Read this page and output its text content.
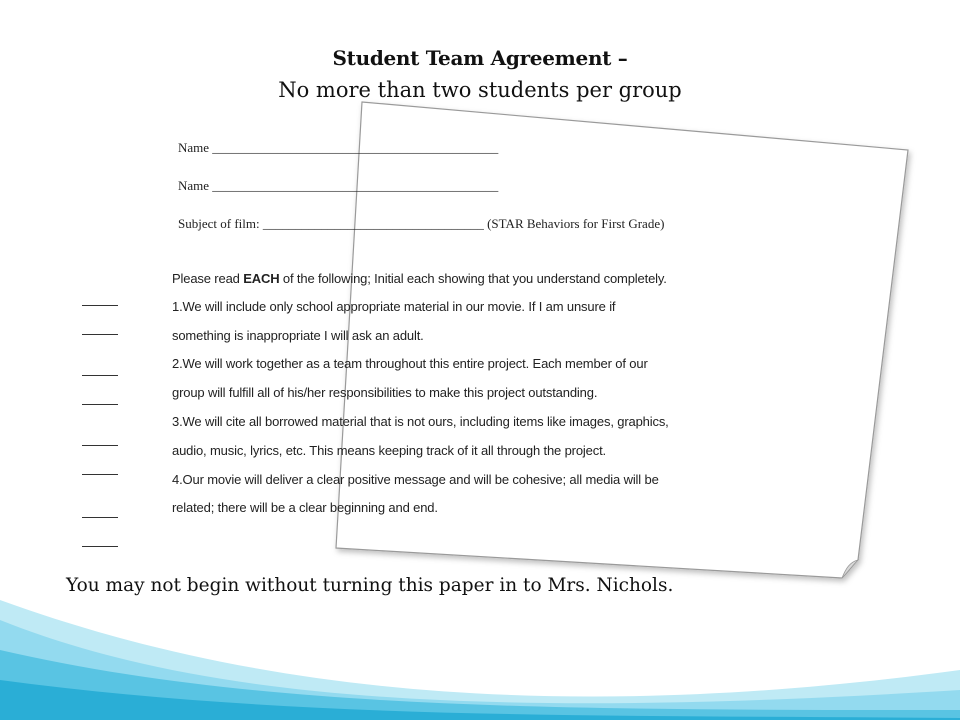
Student Team Agreement –
No more than two students per group
Name ____________________________________________
Name ____________________________________________
Subject of film: __________________________________ (STAR Behaviors for First Grade)
Please read EACH of the following; Initial each showing that you understand completely.
1.We will include only school appropriate material in our movie. If I am unsure if
something is inappropriate I will ask an adult.
2.We will work together as a team throughout this entire project. Each member of our
group will fulfill all of his/her responsibilities to make this project outstanding.
3.We will cite all borrowed material that is not ours, including items like images, graphics,
audio, music, lyrics, etc. This means keeping track of it all through the project.
4.Our movie will deliver a clear positive message and will be cohesive; all media will be
related; there will be a clear beginning and end.
You may not begin without turning this paper in to Mrs. Nichols.
